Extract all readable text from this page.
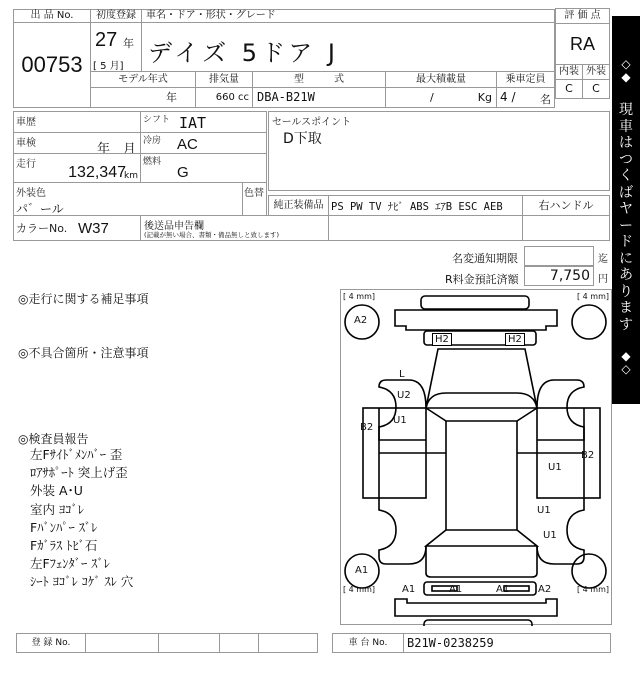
出 品 No.
00753
初度登録
27 年
[ 5 月]
車名・ドア・形状・グレード
デイズ 5ドア J
評 価 点
RA
内装 外装
C	C
モデル年式
年
排気量
660 cc
型　　　式
DBA-B21W
最大積載量
/	Kg
乗車定員
4 / 名
車歴
車検	年　月
走行 132,347
km
シフト IAT
冷房 AC
燃料
G
外装色
パ゛ール
色替
カラーNo. W37	後送品申告欄
(記載が無い場合、書類・備品無しと致します)
セールスポイント
D下取
純正装備品 PS PW TV ﾅﾋﾞ ABS ｴｱB ESC AEB	右ハンドル
名変通知期限	迄
R料金預託済額	7,750 円
◇◆
現車はつくばヤードにあります
◆◇
◎走行に関する補足事項
◎不具合箇所・注意事項
◎検査員報告
左Fｻｲﾄﾞﾒﾝﾊﾞｰ 歪
ﾛｱｻﾎﾟｰﾄ 突上げ歪
外装 A･U
室内 ﾖｺﾞﾚ
Fﾊﾞﾝﾊﾟｰ ｽﾞﾚ
Fｶﾞﾗｽ ﾄﾋﾞ石
左Fﾌｪﾝﾀﾞｰ ｽﾞﾚ
ｼｰﾄ ﾖｺﾞﾚ ｺｹﾞ ｽﾚ 穴
[ 4 mm]	[ 4 mm]
[ 4 mm]	[ 4 mm]
A2
H2	H2
L
U2
U1
B2
B2
U1
U1
U1
A1
A1	A1	A1	A2
登 録 No.	車 台 No.	B21W-0238259
